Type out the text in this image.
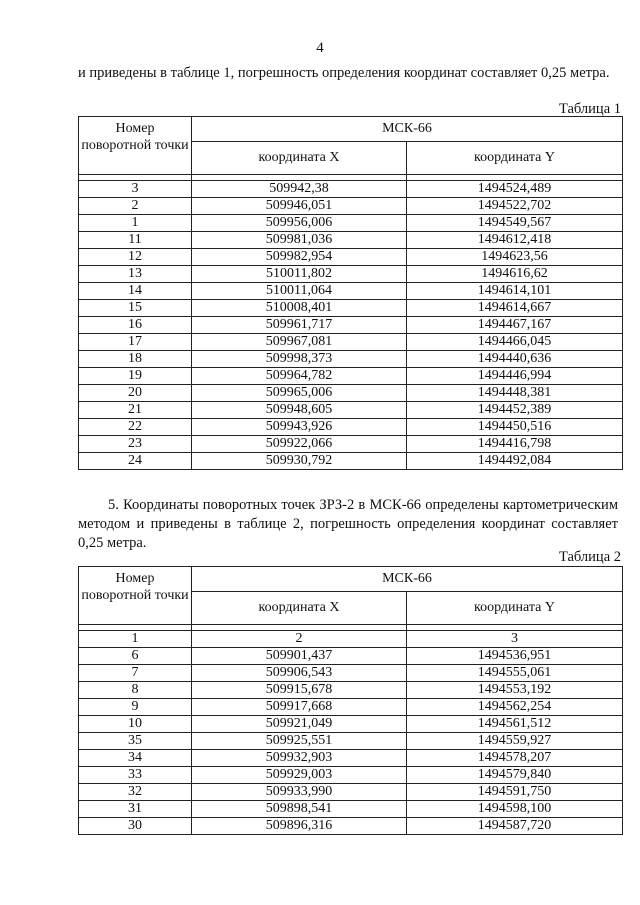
4
и приведены в таблице 1, погрешность определения координат составляет 0,25 метра.
Таблица 1
Номер поворотной точки	МСК-66	
	координата X	координата Y

3	509942,38	1494524,489
2	509946,051	1494522,702
1	509956,006	1494549,567
11	509981,036	1494612,418
12	509982,954	1494623,56
13	510011,802	1494616,62
14	510011,064	1494614,101
15	510008,401	1494614,667
16	509961,717	1494467,167
17	509967,081	1494466,045
18	509998,373	1494440,636
19	509964,782	1494446,994
20	509965,006	1494448,381
21	509948,605	1494452,389
22	509943,926	1494450,516
23	509922,066	1494416,798
24	509930,792	1494492,084
5. Координаты поворотных точек ЗРЗ-2 в МСК-66 определены картометрическим методом и приведены в таблице 2, погрешность определения координат составляет 0,25 метра.
Таблица 2
Номер поворотной точки	МСК-66	
	координата X	координата Y

1	2	3
6	509901,437	1494536,951
7	509906,543	1494555,061
8	509915,678	1494553,192
9	509917,668	1494562,254
10	509921,049	1494561,512
35	509925,551	1494559,927
34	509932,903	1494578,207
33	509929,003	1494579,840
32	509933,990	1494591,750
31	509898,541	1494598,100
30	509896,316	1494587,720
